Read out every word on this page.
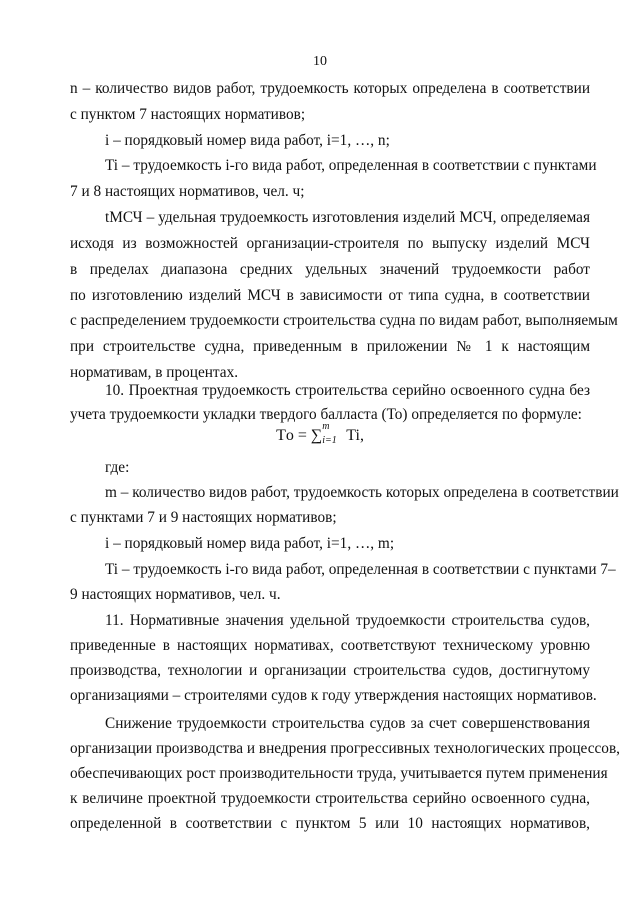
10
n – количество видов работ, трудоемкость которых определена в соответствии
с пунктом 7 настоящих нормативов;
i – порядковый номер вида работ, i=1, …, n;
Ti – трудоемкость i-го вида работ, определенная в соответствии с пунктами
7 и 8 настоящих нормативов, чел. ч;
tМСЧ – удельная трудоемкость изготовления изделий МСЧ, определяемая
исходя из возможностей организации-строителя по выпуску изделий МСЧ
в пределах диапазона средних удельных значений трудоемкости работ
по изготовлению изделий МСЧ в зависимости от типа судна, в соответствии
с распределением трудоемкости строительства судна по видам работ, выполняемым
при строительстве судна, приведенным в приложении № 1 к настоящим
нормативам, в процентах.
10. Проектная трудоемкость строительства серийно освоенного судна без
учета трудоемкости укладки твердого балласта (То) определяется по формуле:
Tо = ∑
m
i=1 Ti,
где:
m – количество видов работ, трудоемкость которых определена в соответствии
с пунктами 7 и 9 настоящих нормативов;
i – порядковый номер вида работ, i=1, …, m;
Ti – трудоемкость i-го вида работ, определенная в соответствии с пунктами 7–
9 настоящих нормативов, чел. ч.
11. Нормативные значения удельной трудоемкости строительства судов,
приведенные в настоящих нормативах, соответствуют техническому уровню
производства, технологии и организации строительства судов, достигнутому
организациями – строителями судов к году утверждения настоящих нормативов.
Снижение трудоемкости строительства судов за счет совершенствования
организации производства и внедрения прогрессивных технологических процессов,
обеспечивающих рост производительности труда, учитывается путем применения
к величине проектной трудоемкости строительства серийно освоенного судна,
определенной в соответствии с пунктом 5 или 10 настоящих нормативов,
